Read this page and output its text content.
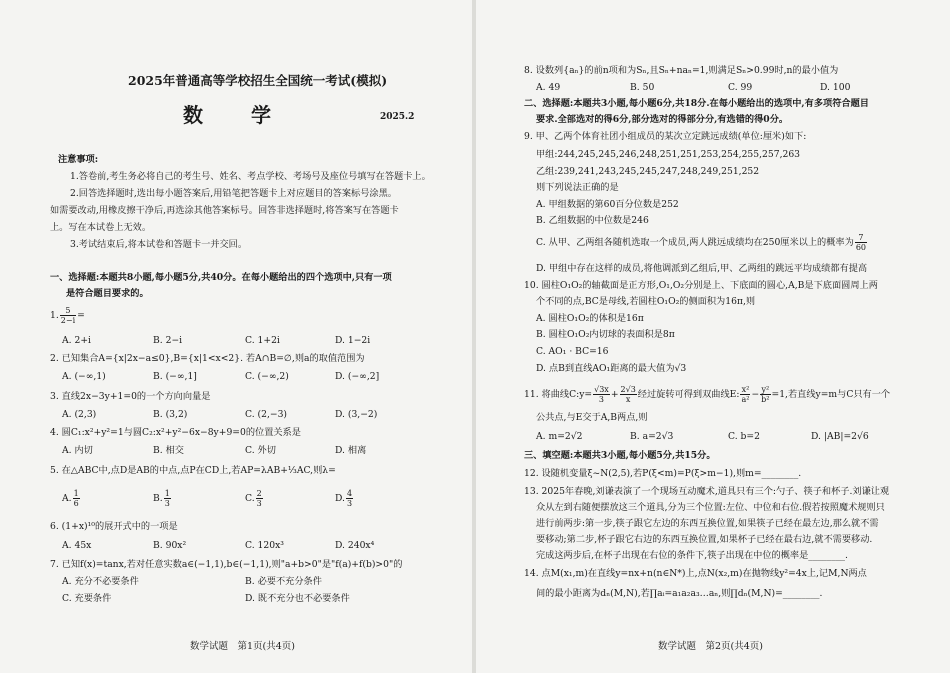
2025年普通高等学校招生全国统一考试(模拟)
数　学	2025.2
注意事项:
1.答卷前,考生务必将自己的考生号、姓名、考点学校、考场号及座位号填写在答题卡上。
2.回答选择题时,选出每小题答案后,用铅笔把答题卡上对应题目的答案标号涂黑。
如需要改动,用橡皮擦干净后,再选涂其他答案标号。回答非选择题时,将答案写在答题卡
上。写在本试卷上无效。
3.考试结束后,将本试卷和答题卡一并交回。
一、选择题:本题共8小题,每小题5分,共40分。在每小题给出的四个选项中,只有一项
是符合题目要求的。
1. $\frac{5}{2-i}$ =
A. 2+i	B. 2−i	C. 1+2i	D. 1−2i
2. 已知集合A={x|2x−a≤0},B={x|1<x<2}. 若A∩B=∅,则a的取值范围为
A. (−∞,1)	B. (−∞,1]	C. (−∞,2)	D. (−∞,2]
3. 直线2x−3y+1=0的一个方向向量是
A. (2,3)	B. (3,2)	C. (2,−3)	D. (3,−2)
4. 圆C₁:x²+y²=1与圆C₂:x²+y²−6x−8y+9=0的位置关系是
A. 内切	B. 相交	C. 外切	D. 相离
5. 在△ABC中,点D是AB的中点,点P在CD上,若AP=λAB+⅓AC,则λ=
A. $\frac{1}{6}$	B. $\frac{1}{3}$	C. $\frac{2}{3}$	D. $\frac{4}{3}$
6. (1+x)¹⁰的展开式中的一项是
A. 45x	B. 90x²	C. 120x³	D. 240x⁴
7. 已知f(x)=tanx,若对任意实数a∈(−1,1),b∈(−1,1),则"a+b>0"是"f(a)+f(b)>0"的
A. 充分不必要条件	B. 必要不充分条件
C. 充要条件	D. 既不充分也不必要条件
数学试题　第1页(共4页)
8. 设数列{aₙ}的前n项和为Sₙ,且Sₙ+naₙ=1,则满足Sₙ>0.99时,n的最小值为
A. 49	B. 50	C. 99	D. 100
二、选择题:本题共3小题,每小题6分,共18分.在每小题给出的选项中,有多项符合题目
要求.全部选对的得6分,部分选对的得部分分,有选错的得0分。
9. 甲、乙两个体育社团小组成员的某次立定跳远成绩(单位:厘米)如下:
甲组:244,245,245,246,248,251,251,253,254,255,257,263
乙组:239,241,243,245,245,247,248,249,251,252
则下列说法正确的是
A. 甲组数据的第60百分位数是252
B. 乙组数据的中位数是246
C. 从甲、乙两组各随机选取一个成员,两人跳远成绩均在250厘米以上的概率为 $\frac{7}{60}$
D. 甲组中存在这样的成员,将他调派到乙组后,甲、乙两组的跳远平均成绩都有提高
10. 圆柱O₁O₂的轴截面是正方形,O₁,O₂分别是上、下底面的圆心,A,B是下底面圆周上两
个不同的点,BC是母线,若圆柱O₁O₂的侧面积为16π,则
A. 圆柱O₁O₂的体积是16π
B. 圆柱O₁O₂内切球的表面积是8π
C. AO₁ · BC=16
D. 点B到直线AO₁距离的最大值为√3
11. 将曲线C:y= $\frac{√3x}{3} + \frac{2√3}{x}$ 经过旋转可得到双曲线E: $\frac{\text{x²}}{\text{a²}} - \frac{\text{y²}}{\text{b²}} =1$,若直线y=m与C只有一个
公共点,与E交于A,B两点,则
A. m=2√2	B. a=2√3	C. b=2	D. |AB|=2√6
三、填空题:本题共3小题,每小题5分,共15分。
12. 设随机变量ξ~N(2,5),若P(ξ<m)=P(ξ>m−1),则m=________.
13. 2025年春晚,刘谦表演了一个现场互动魔术,道具只有三个:勺子、筷子和杯子.刘谦让观
众从左到右随便摆放这三个道具,分为三个位置:左位、中位和右位.假若按照魔术规则只
进行前两步:第一步,筷子跟它左边的东西互换位置,如果筷子已经在最左边,那么就不需
要移动;第二步,杯子跟它右边的东西互换位置,如果杯子已经在最右边,就不需要移动.
完成这两步后,在杯子出现在右位的条件下,筷子出现在中位的概率是________.
14. 点M(x₁,m)在直线y=nx+n(n∈N*)上,点N(x₂,m)在抛物线y²=4x上,记M,N两点
间的最小距离为dₙ(M,N),若∏aᵢ=a₁a₂a₃…aₙ,则∏dₙ(M,N)=________.
数学试题　第2页(共4页)
